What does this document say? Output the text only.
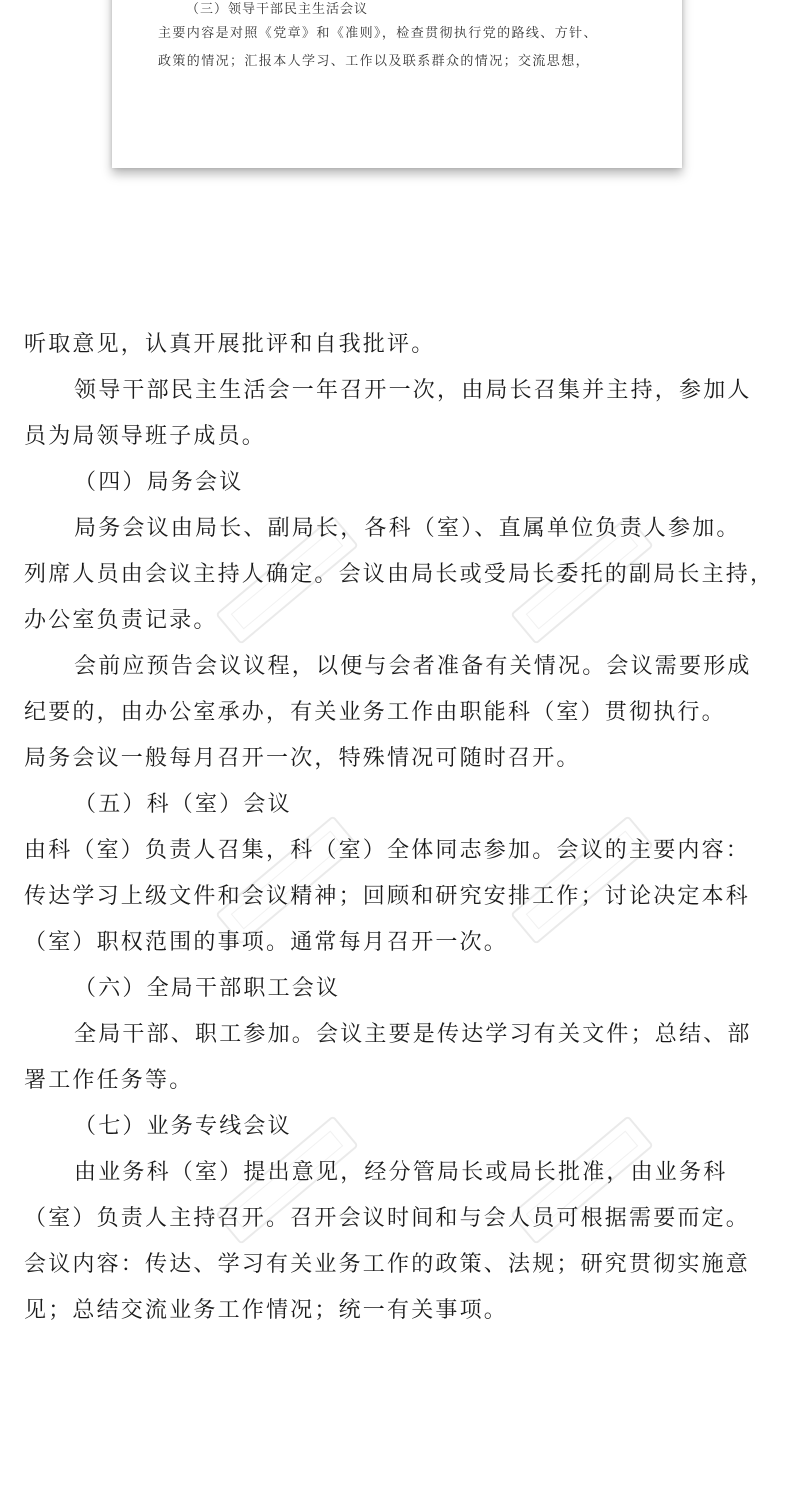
（三）领导干部民主生活会议
主要内容是对照《党章》和《准则》，检查贯彻执行党的路线、方针、
政策的情况；汇报本人学习、工作以及联系群众的情况；交流思想，
听取意见，认真开展批评和自我批评。
领导干部民主生活会一年召开一次，由局长召集并主持，参加人
员为局领导班子成员。
（四）局务会议
局务会议由局长、副局长，各科（室）、直属单位负责人参加。
列席人员由会议主持人确定。会议由局长或受局长委托的副局长主持，
办公室负责记录。
会前应预告会议议程，以便与会者准备有关情况。会议需要形成
纪要的，由办公室承办，有关业务工作由职能科（室）贯彻执行。
局务会议一般每月召开一次，特殊情况可随时召开。
（五）科（室）会议
由科（室）负责人召集，科（室）全体同志参加。会议的主要内容：
传达学习上级文件和会议精神；回顾和研究安排工作；讨论决定本科
（室）职权范围的事项。通常每月召开一次。
（六）全局干部职工会议
全局干部、职工参加。会议主要是传达学习有关文件；总结、部
署工作任务等。
（七）业务专线会议
由业务科（室）提出意见，经分管局长或局长批准，由业务科
（室）负责人主持召开。召开会议时间和与会人员可根据需要而定。
会议内容：传达、学习有关业务工作的政策、法规；研究贯彻实施意
见；总结交流业务工作情况；统一有关事项。
